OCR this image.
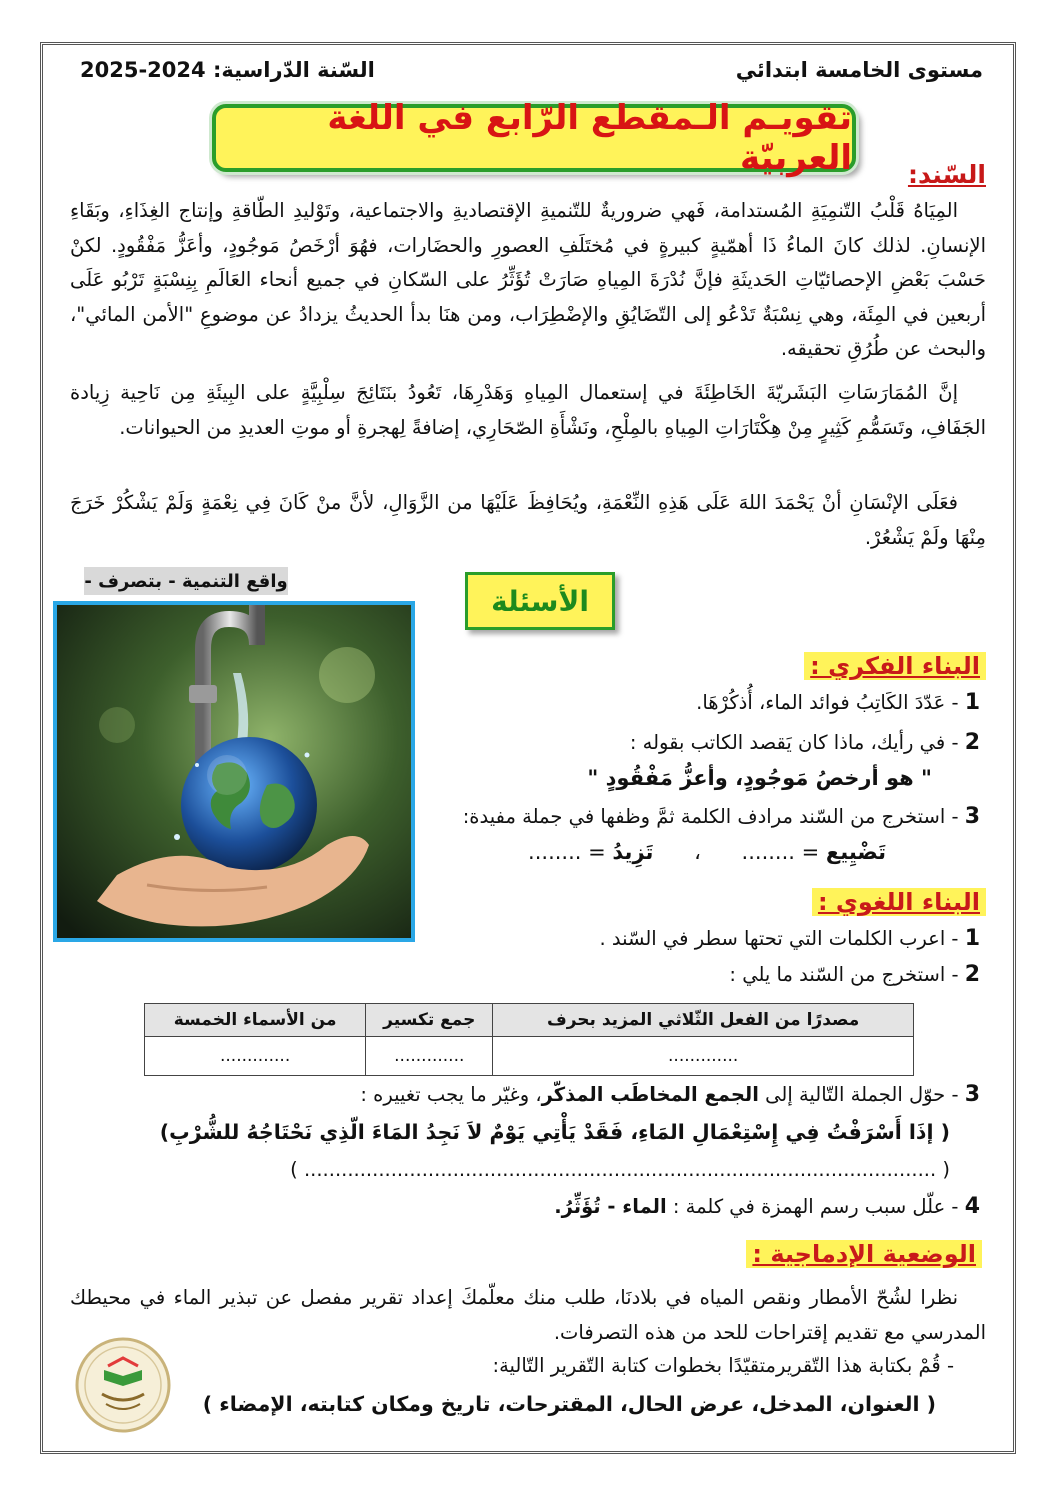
مستوى الخامسة ابتدائي
2025-2024 السّنة الدّراسية:
تقويـم الـمقطع الرّابع في اللغة العربيّة السّند:
المِيَاهُ قَلْبُ التّنمِيَةِ المُستدامة، فَهي ضروريةٌ للتّنميةِ الإقتصاديةِ والاجتماعية، وتَوْليدِ الطّاقةِ وإنتاج الغِذَاءِ، وبَقَاءِ الإنسانِ. لذلك كانَ الماءُ ذَا أهمّيةٍ كبيرةٍ في مُختَلَفِ العصورِ والحضَارات، فهُوَ أرْخَصُ مَوجُودٍ، وأعَزُّ مَفْقُودٍ. لكنْ حَسْبَ بَعْضِ الإحصائيّاتِ الحَديثَةِ فإنَّ نُدْرَةَ المِياهِ صَارَتْ تُؤَثِّرُ على السّكانِ في جميع أنحاء العَالَمِ بِنِسْبَةٍ تَرْبُو عَلَى أربعين في المِئَة، وهي نِسْبَةٌ تَدْعُو إلى التّضَايُقِ والإضْطِرَاب، ومن هنَا بدأ الحديثُ يزدادُ عن موضوعِ "الأمن المائي"، والبحث عن طُرُقِ تحقيقه.
إنَّ المُمَارَسَاتِ البَشَريّةَ الخَاطِئَةَ في إستعمال المِياهِ وَهَدْرِهَا، تَعُودُ بنَتَائِجَ سِلْبِيَّةٍ على البِيئَةِ مِن نَاحِية زِيادة الجَفَافِ، وتَسَمُّمِ كَثِيرٍ مِنْ هِكْتَارَاتِ المِياهِ بالمِلْحِ، ونَشْأَةِ الصّحَارِي، إضافةً لِهجرةِ أو موتِ العديدِ من الحيوانات.
فعَلَى الإنْسَانِ أنْ يَحْمَدَ اللهَ عَلَى هَذِهِ النِّعْمَةِ، ويُحَافِظَ عَلَيْهَا من الزَّوَالِ، لأنَّ منْ كَانَ فِي نِعْمَةٍ وَلَمْ يَشْكُرْ خَرَجَ مِنْهَا ولَمْ يَشْعُرْ.
واقع التنمية - بتصرف -
الأسئلة
البناء الفكري :
1 - عَدّدَ الكَاتِبُ فوائد الماء، أُذكُرْهَا.
2 - في رأيك، ماذا كان يَقصد الكاتب بقوله :
" هو أرخصُ مَوجُودٍ، وأعزُّ مَفْقُودٍ "
3 - استخرج من السّند مرادف الكلمة ثمَّ وظفها في جملة مفيدة:
تَضْيِيع = ........ ، تَزِيدُ = ........
البناء اللغوي :
1 - اعرب الكلمات التي تحتها سطر في السّند .
2 - استخرج من السّند ما يلي :
مصدرًا من الفعل الثّلاثي المزيد بحرف	جمع تكسير	من الأسماء الخمسة
.............	.............	.............
3 - حوّل الجملة التّالية إلى الجمع المخاطَب المذكّر، وغيّر ما يجب تغييره :
( إذَا أَسْرَفْتُ فِي إِسْتِعْمَالِ المَاءِ، فَقَدْ يَأْتِي يَوْمٌ لاَ نَجِدُ المَاءَ الّذِي نَحْتَاجُهُ للشُّرْبِ)
( ...................................................................................................... )
4 - علّل سبب رسم الهمزة في كلمة : الماء - تُؤَثِّرُ.
الوضعية الإدماجية :
نظرا لشُحّ الأمطار ونقص المياه في بلادنَا، طلب منك معلّمكَ إعداد تقرير مفصل عن تبذير الماء في محيطك المدرسي مع تقديم إقتراحات للحد من هذه التصرفات.
- قُمْ بكتابة هذا التّقريرمتقيّدًا بخطوات كتابة التّقرير التّالية:
( العنوان، المدخل، عرض الحال، المقترحات، تاريخ ومكان كتابته، الإمضاء )
